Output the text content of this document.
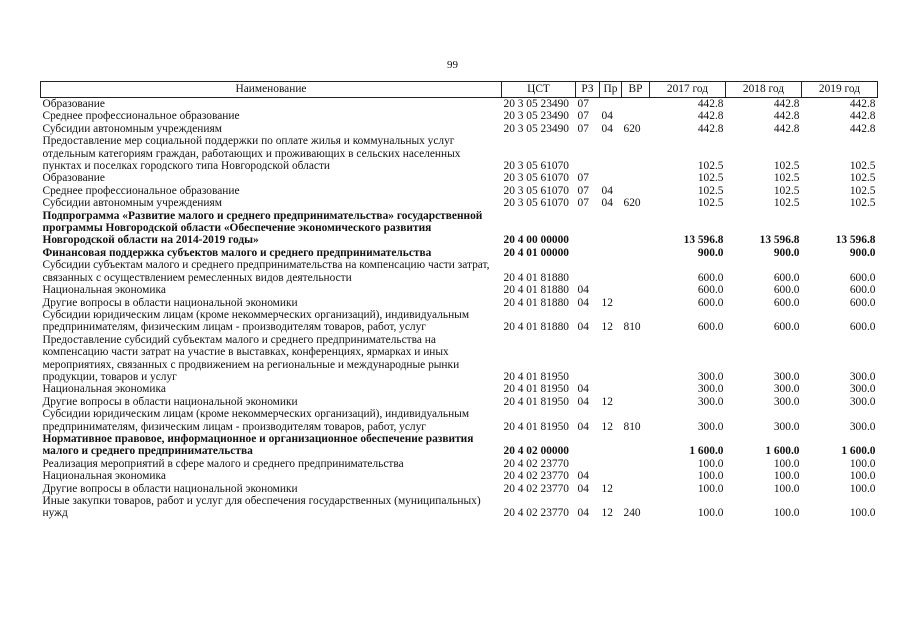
99
Наименование	ЦСТ	РЗ	Пр	ВР	2017 год	2018 год	2019 год
Образование	20 3 05 23490	07			442.8	442.8	442.8
Среднее профессиональное образование	20 3 05 23490	07	04		442.8	442.8	442.8
Субсидии автономным учреждениям	20 3 05 23490	07	04	620	442.8	442.8	442.8
Предоставление мер социальной поддержки по оплате жилья и коммунальных услуг отдельным категориям граждан, работающих и проживающих в сельских населенных пунктах и поселках городского типа Новгородской области	20 3 05 61070				102.5	102.5	102.5
Образование	20 3 05 61070	07			102.5	102.5	102.5
Среднее профессиональное образование	20 3 05 61070	07	04		102.5	102.5	102.5
Субсидии автономным учреждениям	20 3 05 61070	07	04	620	102.5	102.5	102.5
Подпрограмма «Развитие малого и среднего предпринимательства» государственной программы Новгородской области «Обеспечение экономического развития Новгородской области на 2014-2019 годы»	20 4 00 00000				13 596.8	13 596.8	13 596.8
Финансовая поддержка субъектов малого и среднего предпринимательства	20 4 01 00000				900.0	900.0	900.0
Субсидии субъектам малого и среднего предпринимательства на компенсацию части затрат, связанных с осуществлением ремесленных видов деятельности	20 4 01 81880				600.0	600.0	600.0
Национальная экономика	20 4 01 81880	04			600.0	600.0	600.0
Другие вопросы в области национальной экономики	20 4 01 81880	04	12		600.0	600.0	600.0
Субсидии юридическим лицам (кроме некоммерческих организаций), индивидуальным предпринимателям, физическим лицам - производителям товаров, работ, услуг	20 4 01 81880	04	12	810	600.0	600.0	600.0
Предоставление субсидий субъектам малого и среднего предпринимательства на компенсацию части затрат на участие в выставках, конференциях, ярмарках и иных мероприятиях, связанных с продвижением на региональные и международные рынки продукции, товаров и услуг	20 4 01 81950				300.0	300.0	300.0
Национальная экономика	20 4 01 81950	04			300.0	300.0	300.0
Другие вопросы в области национальной экономики	20 4 01 81950	04	12		300.0	300.0	300.0
Субсидии юридическим лицам (кроме некоммерческих организаций), индивидуальным предпринимателям, физическим лицам - производителям товаров, работ, услуг	20 4 01 81950	04	12	810	300.0	300.0	300.0
Нормативное правовое, информационное и организационное обеспечение развития малого и среднего предпринимательства	20 4 02 00000				1 600.0	1 600.0	1 600.0
Реализация мероприятий в сфере малого и среднего предпринимательства	20 4 02 23770				100.0	100.0	100.0
Национальная экономика	20 4 02 23770	04			100.0	100.0	100.0
Другие вопросы в области национальной экономики	20 4 02 23770	04	12		100.0	100.0	100.0
Иные закупки товаров, работ и услуг для обеспечения государственных (муниципальных) нужд	20 4 02 23770	04	12	240	100.0	100.0	100.0
